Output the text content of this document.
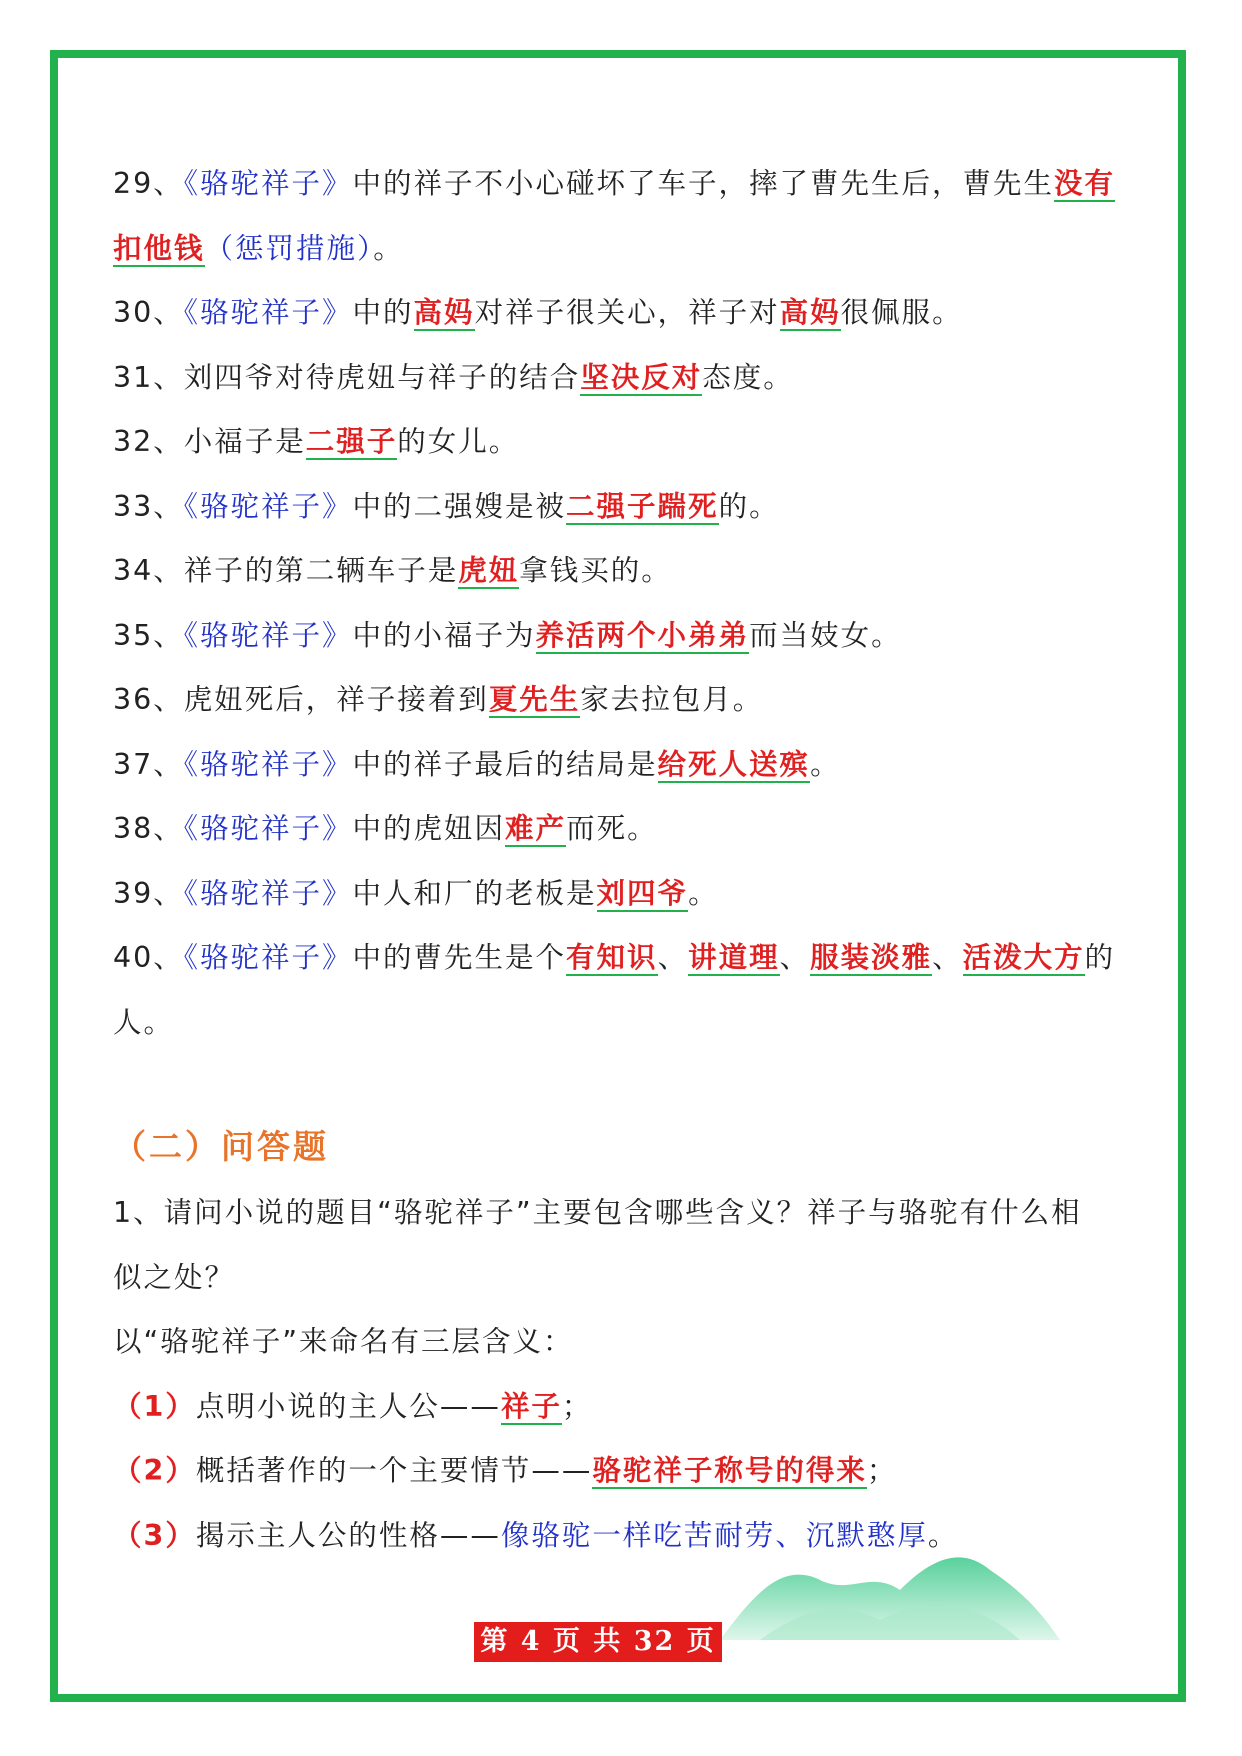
29、《骆驼祥子》中的祥子不小心碰坏了车子，摔了曹先生后，曹先生没有
扣他钱（惩罚措施）。
30、《骆驼祥子》中的高妈对祥子很关心，祥子对高妈很佩服。
31、刘四爷对待虎妞与祥子的结合坚决反对态度。
32、小福子是二强子的女儿。
33、《骆驼祥子》中的二强嫂是被二强子踹死的。
34、祥子的第二辆车子是虎妞拿钱买的。
35、《骆驼祥子》中的小福子为养活两个小弟弟而当妓女。
36、虎妞死后，祥子接着到夏先生家去拉包月。
37、《骆驼祥子》中的祥子最后的结局是给死人送殡。
38、《骆驼祥子》中的虎妞因难产而死。
39、《骆驼祥子》中人和厂的老板是刘四爷。
40、《骆驼祥子》中的曹先生是个有知识、讲道理、服装淡雅、活泼大方的
人。
（二）问答题
1、请问小说的题目“骆驼祥子”主要包含哪些含义？祥子与骆驼有什么相
似之处？
以“骆驼祥子”来命名有三层含义：
（1）点明小说的主人公——祥子；
（2）概括著作的一个主要情节——骆驼祥子称号的得来；
（3）揭示主人公的性格——像骆驼一样吃苦耐劳、沉默憨厚。
第 4 页 共 32 页
